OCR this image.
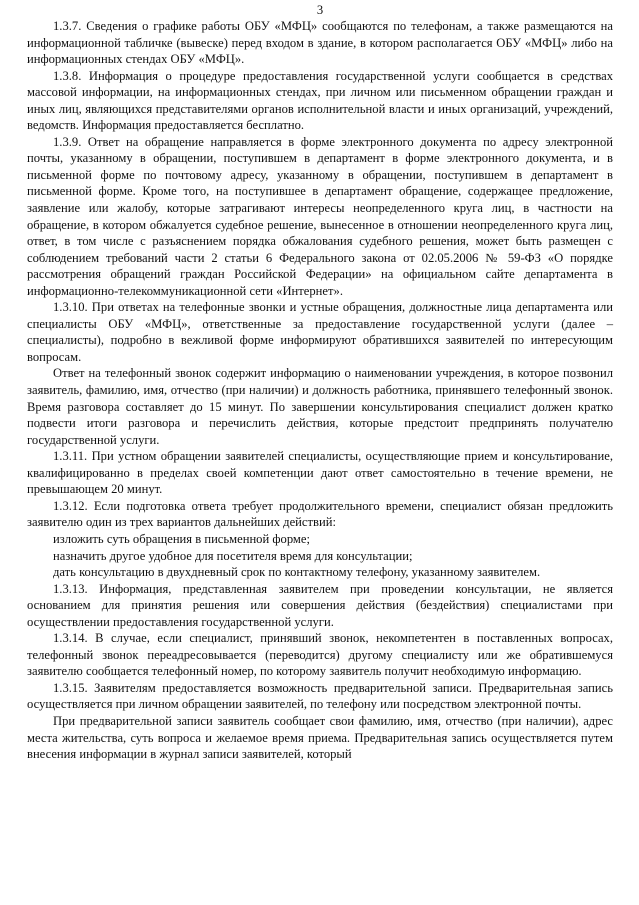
3

1.3.7. Сведения о графике работы ОБУ «МФЦ» сообщаются по телефонам, а также размещаются на информационной табличке (вывеске) перед входом в здание, в котором располагается ОБУ «МФЦ» либо на информационных стендах ОБУ «МФЦ».

1.3.8. Информация о процедуре предоставления государственной услуги сообщается в средствах массовой информации, на информационных стендах, при личном или письменном обращении граждан и иных лиц, являющихся представителями органов исполнительной власти и иных организаций, учреждений, ведомств. Информация предоставляется бесплатно.

1.3.9. Ответ на обращение направляется в форме электронного документа по адресу электронной почты, указанному в обращении, поступившем в департамент в форме электронного документа, и в письменной форме по почтовому адресу, указанному в обращении, поступившем в департамент в письменной форме. Кроме того, на поступившее в департамент обращение, содержащее предложение, заявление или жалобу, которые затрагивают интересы неопределенного круга лиц, в частности на обращение, в котором обжалуется судебное решение, вынесенное в отношении неопределенного круга лиц, ответ, в том числе с разъяснением порядка обжалования судебного решения, может быть размещен с соблюдением требований части 2 статьи 6 Федерального закона от 02.05.2006 № 59-ФЗ «О порядке рассмотрения обращений граждан Российской Федерации» на официальном сайте департамента в информационно-телекоммуникационной сети «Интернет».

1.3.10. При ответах на телефонные звонки и устные обращения, должностные лица департамента или специалисты ОБУ «МФЦ», ответственные за предоставление государственной услуги (далее – специалисты), подробно в вежливой форме информируют обратившихся заявителей по интересующим вопросам.

Ответ на телефонный звонок содержит информацию о наименовании учреждения, в которое позвонил заявитель, фамилию, имя, отчество (при наличии) и должность работника, принявшего телефонный звонок. Время разговора составляет до 15 минут. По завершении консультирования специалист должен кратко подвести итоги разговора и перечислить действия, которые предстоит предпринять получателю государственной услуги.

1.3.11. При устном обращении заявителей специалисты, осуществляющие прием и консультирование, квалифицированно в пределах своей компетенции дают ответ самостоятельно в течение времени, не превышающем 20 минут.

1.3.12. Если подготовка ответа требует продолжительного времени, специалист обязан предложить заявителю один из трех вариантов дальнейших действий:

изложить суть обращения в письменной форме;

назначить другое удобное для посетителя время для консультации;

дать консультацию в двухдневный срок по контактному телефону, указанному заявителем.

1.3.13. Информация, представленная заявителем при проведении консультации, не является основанием для принятия решения или совершения действия (бездействия) специалистами при осуществлении предоставления государственной услуги.

1.3.14. В случае, если специалист, принявший звонок, некомпетентен в поставленных вопросах, телефонный звонок переадресовывается (переводится) другому специалисту или же обратившемуся заявителю сообщается телефонный номер, по которому заявитель получит необходимую информацию.

1.3.15. Заявителям предоставляется возможность предварительной записи. Предварительная запись осуществляется при личном обращении заявителей, по телефону или посредством электронной почты.

При предварительной записи заявитель сообщает свои фамилию, имя, отчество (при наличии), адрес места жительства, суть вопроса и желаемое время приема. Предварительная запись осуществляется путем внесения информации в журнал записи заявителей, который
